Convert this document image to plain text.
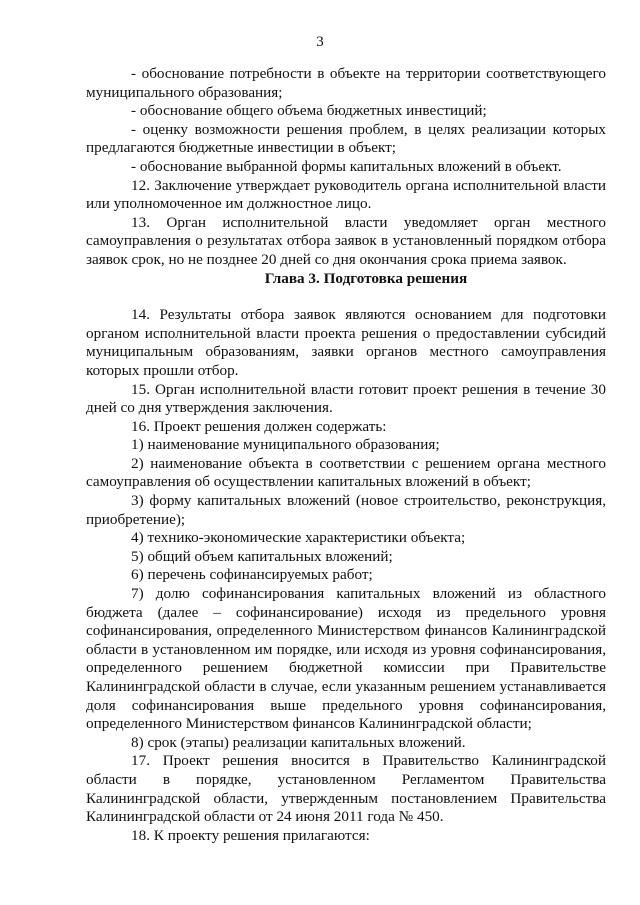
3

- обоснование потребности в объекте на территории соответствующего муниципального образования;

- обоснование общего объема бюджетных инвестиций;

- оценку возможности решения проблем, в целях реализации которых предлагаются бюджетные инвестиции в объект;

- обоснование выбранной формы капитальных вложений в объект.

12. Заключение утверждает руководитель органа исполнительной власти или уполномоченное им должностное лицо.

13. Орган исполнительной власти уведомляет орган местного самоуправления о результатах отбора заявок в установленный порядком отбора заявок срок, но не позднее 20 дней со дня окончания срока приема заявок.

Глава 3. Подготовка решения

14. Результаты отбора заявок являются основанием для подготовки органом исполнительной власти проекта решения о предоставлении субсидий муниципальным образованиям, заявки органов местного самоуправления которых прошли отбор.

15. Орган исполнительной власти готовит проект решения в течение 30 дней со дня утверждения заключения.

16. Проект решения должен содержать:

1) наименование муниципального образования;

2) наименование объекта в соответствии с решением органа местного самоуправления об осуществлении капитальных вложений в объект;

3) форму капитальных вложений (новое строительство, реконструкция, приобретение);

4) технико-экономические характеристики объекта;

5) общий объем капитальных вложений;

6) перечень софинансируемых работ;

7) долю софинансирования капитальных вложений из областного бюджета (далее – софинансирование) исходя из предельного уровня софинансирования, определенного Министерством финансов Калининградской области в установленном им порядке, или исходя из уровня софинансирования, определенного решением бюджетной комиссии при Правительстве Калининградской области в случае, если указанным решением устанавливается доля софинансирования выше предельного уровня софинансирования, определенного Министерством финансов Калининградской области;

8) срок (этапы) реализации капитальных вложений.

17. Проект решения вносится в Правительство Калининградской области в порядке, установленном Регламентом Правительства Калининградской области, утвержденным постановлением Правительства Калининградской области от 24 июня 2011 года № 450.

18. К проекту решения прилагаются:
